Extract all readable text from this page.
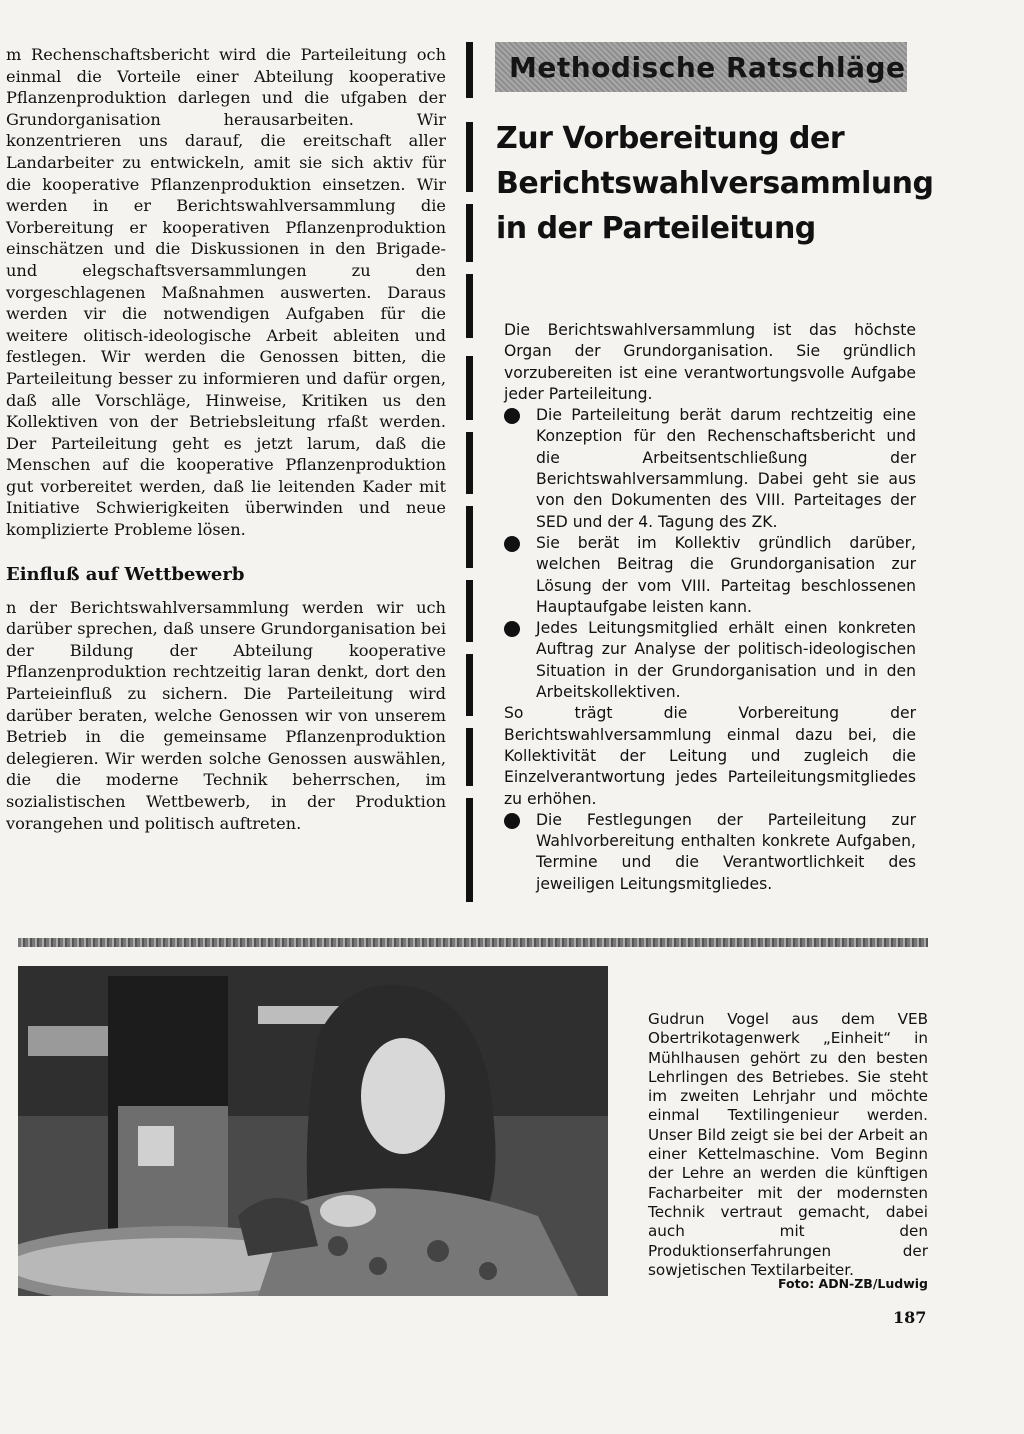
m Rechenschaftsbericht wird die Parteileitung och einmal die Vorteile einer Abteilung kooperative Pflanzenproduktion darlegen und die ufgaben der Grundorganisation herausarbeiten. Wir konzentrieren uns darauf, die ereitschaft aller Landarbeiter zu entwickeln, amit sie sich aktiv für die kooperative Pflanzenproduktion einsetzen. Wir werden in er Berichtswahlversammlung die Vorbereitung er kooperativen Pflanzenproduktion einschätzen und die Diskussionen in den Brigade- und elegschaftsversammlungen zu den vorgeschlagenen Maßnahmen auswerten. Daraus werden vir die notwendigen Aufgaben für die weitere olitisch-ideologische Arbeit ableiten und festlegen. Wir werden die Genossen bitten, die Parteileitung besser zu informieren und dafür orgen, daß alle Vorschläge, Hinweise, Kritiken us den Kollektiven von der Betriebsleitung rfaßt werden. Der Parteileitung geht es jetzt larum, daß die Menschen auf die kooperative Pflanzenproduktion gut vorbereitet werden, daß lie leitenden Kader mit Initiative Schwierigkeiten überwinden und neue komplizierte Probleme lösen.

Einfluß auf Wettbewerb

n der Berichtswahlversammlung werden wir uch darüber sprechen, daß unsere Grundorganisation bei der Bildung der Abteilung kooperative Pflanzenproduktion rechtzeitig laran denkt, dort den Parteieinfluß zu sichern. Die Parteileitung wird darüber beraten, welche Genossen wir von unserem Betrieb in die gemeinsame Pflanzenproduktion delegieren. Wir werden solche Genossen auswählen, die die moderne Technik beherrschen, im sozialistischen Wettbewerb, in der Produktion vorangehen und politisch auftreten.

Methodische Ratschläge
Zur Vorbereitung der Berichtswahlversammlung in der Parteileitung

Die Berichtswahlversammlung ist das höchste Organ der Grundorganisation. Sie gründlich vorzubereiten ist eine verantwortungsvolle Aufgabe jeder Parteileitung.

Die Parteileitung berät darum rechtzeitig eine Konzeption für den Rechenschaftsbericht und die Arbeitsentschließung der Berichtswahlversammlung. Dabei geht sie aus von den Dokumenten des VIII. Parteitages der SED und der 4. Tagung des ZK.
Sie berät im Kollektiv gründlich darüber, welchen Beitrag die Grundorganisation zur Lösung der vom VIII. Parteitag beschlossenen Hauptaufgabe leisten kann.
Jedes Leitungsmitglied erhält einen konkreten Auftrag zur Analyse der politisch-ideologischen Situation in der Grundorganisation und in den Arbeitskollektiven.

So trägt die Vorbereitung der Berichtswahlversammlung einmal dazu bei, die Kollektivität der Leitung und zugleich die Einzelverantwortung jedes Parteileitungsmitgliedes zu erhöhen.

Die Festlegungen der Parteileitung zur Wahlvorbereitung enthalten konkrete Aufgaben, Termine und die Verantwortlichkeit des jeweiligen Leitungsmitgliedes.

Gudrun Vogel aus dem VEB Obertrikotagenwerk „Einheit“ in Mühlhausen gehört zu den besten Lehrlingen des Betriebes. Sie steht im zweiten Lehrjahr und möchte einmal Textilingenieur werden. Unser Bild zeigt sie bei der Arbeit an einer Kettelmaschine. Vom Beginn der Lehre an werden die künftigen Facharbeiter mit der modernsten Technik vertraut gemacht, dabei auch mit den Produktionserfahrungen der sowjetischen Textilarbeiter.

Foto: ADN-ZB/Ludwig
187
